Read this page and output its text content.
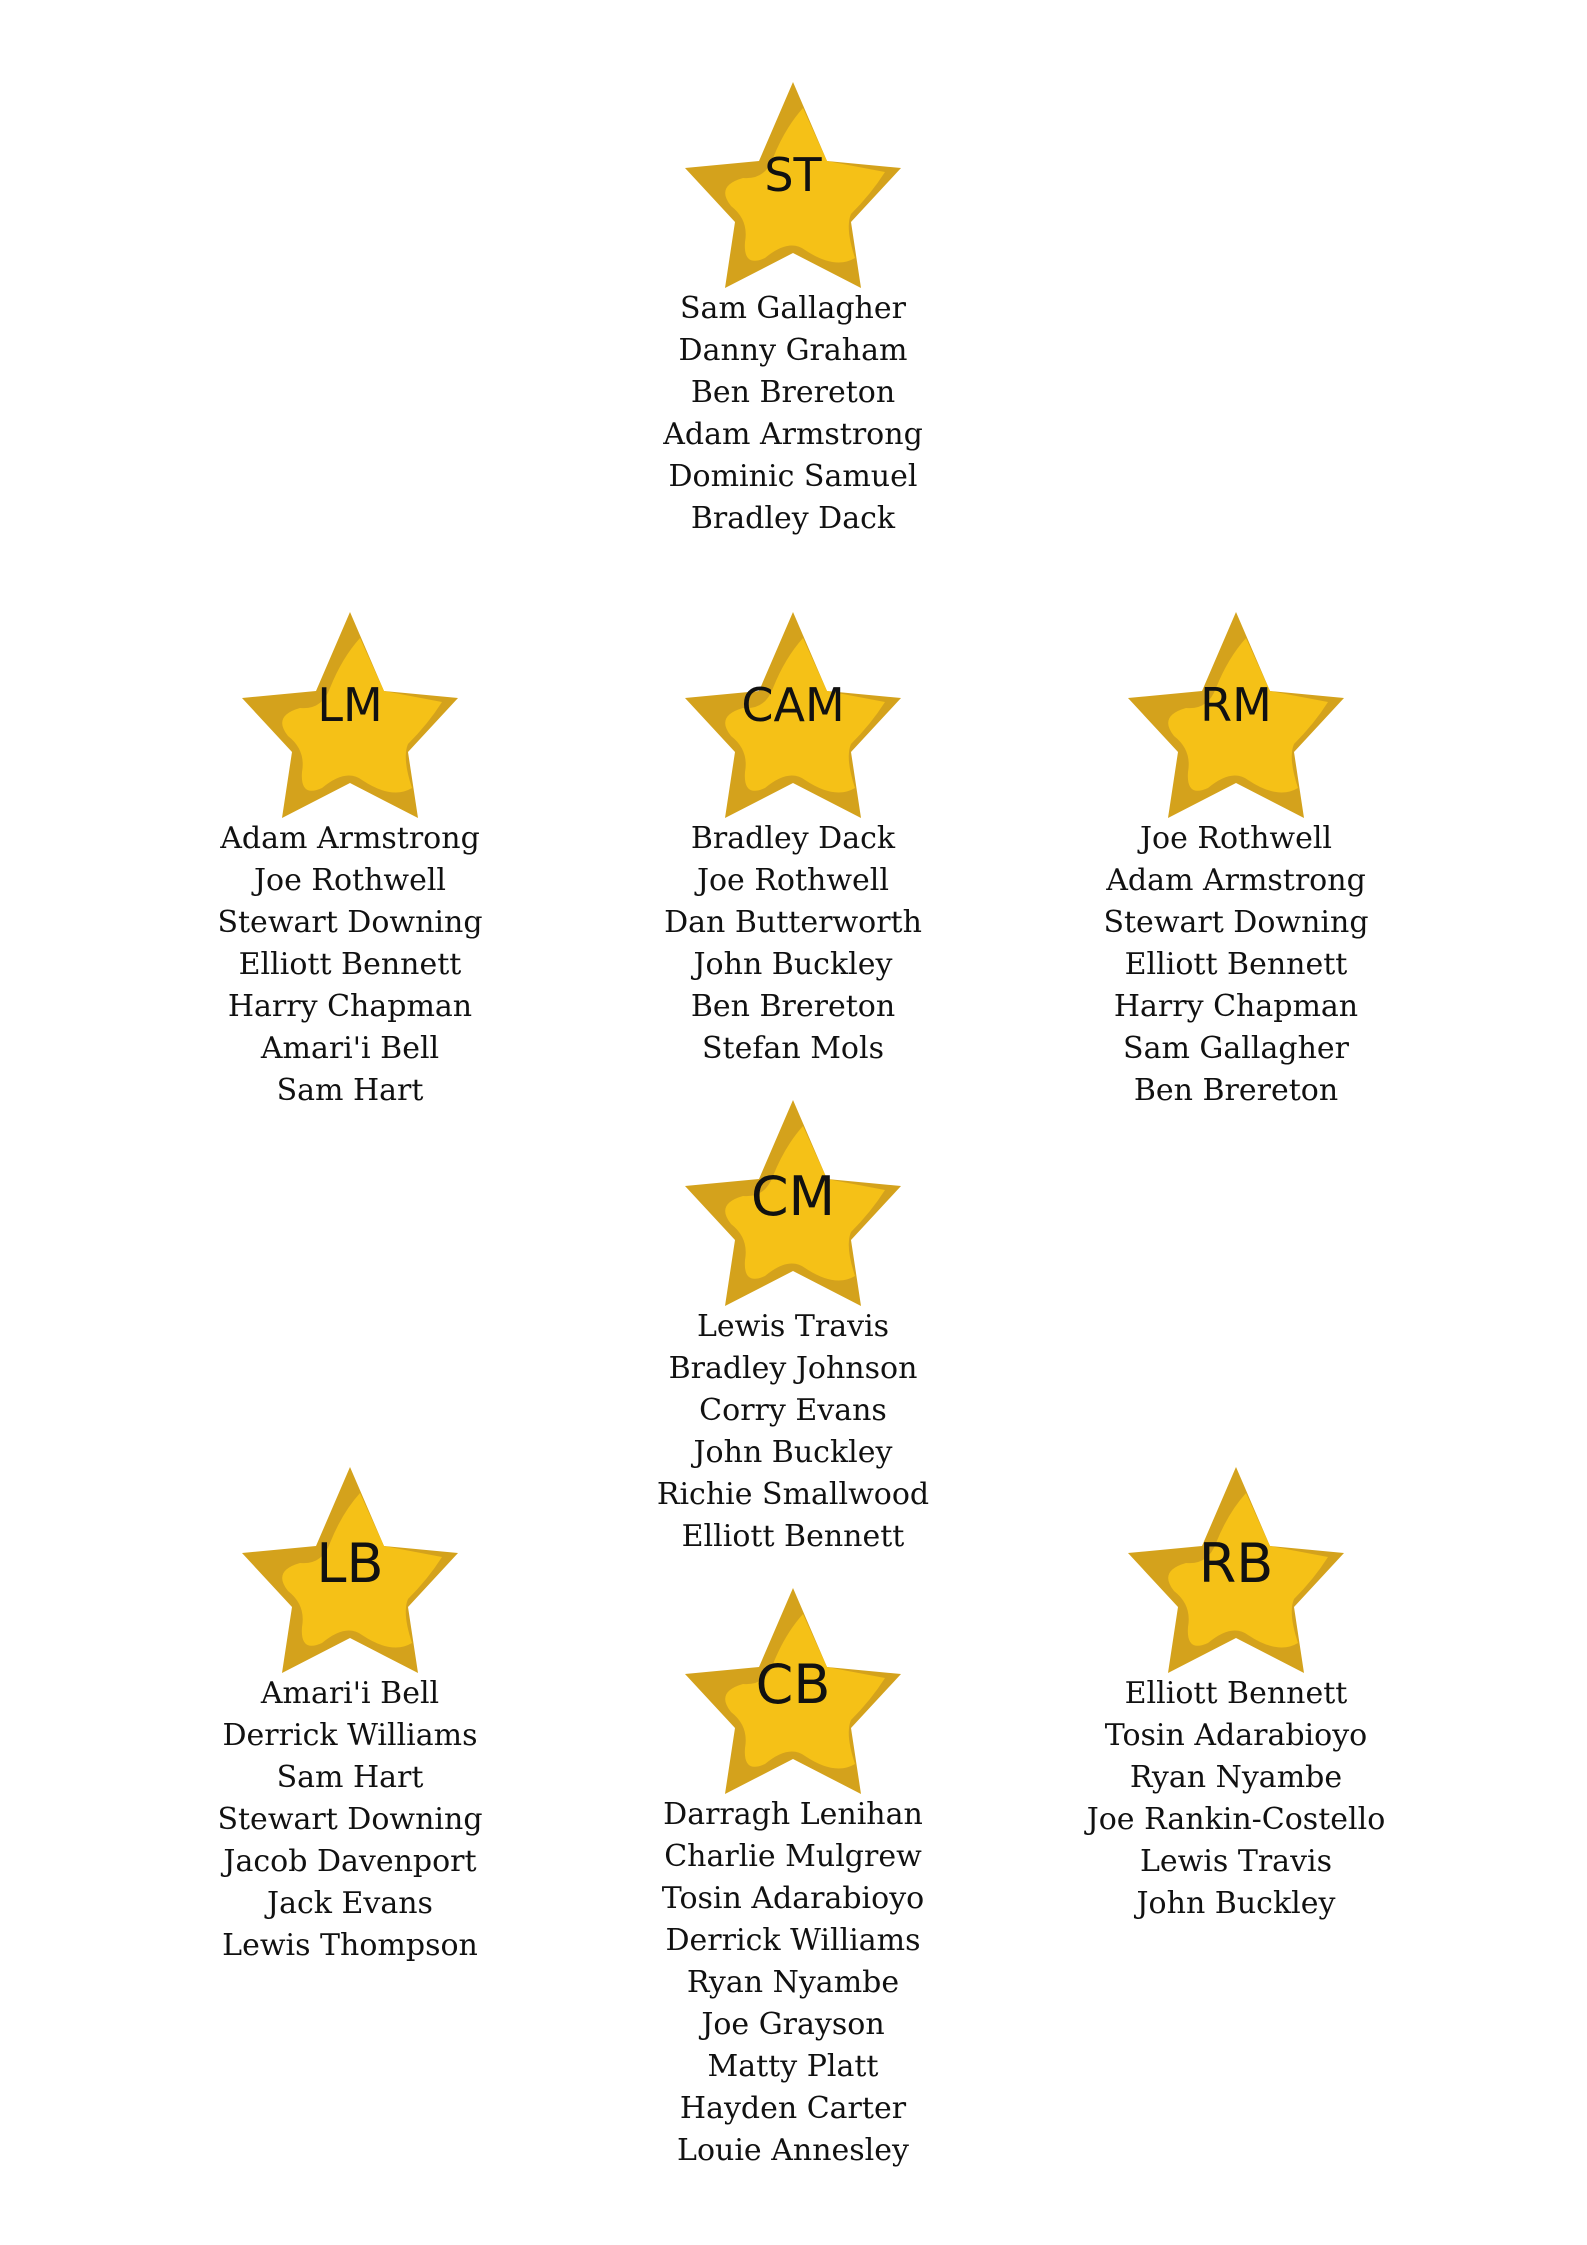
ST
Sam Gallagher
Danny Graham
Ben Brereton
Adam Armstrong
Dominic Samuel
Bradley Dack
LM
Adam Armstrong
Joe Rothwell
Stewart Downing
Elliott Bennett
Harry Chapman
Amari'i Bell
Sam Hart
CAM
Bradley Dack
Joe Rothwell
Dan Butterworth
John Buckley
Ben Brereton
Stefan Mols
RM
Joe Rothwell
Adam Armstrong
Stewart Downing
Elliott Bennett
Harry Chapman
Sam Gallagher
Ben Brereton
CM
Lewis Travis
Bradley Johnson
Corry Evans
John Buckley
Richie Smallwood
Elliott Bennett
LB
Amari'i Bell
Derrick Williams
Sam Hart
Stewart Downing
Jacob Davenport
Jack Evans
Lewis Thompson
CB
Darragh Lenihan
Charlie Mulgrew
Tosin Adarabioyo
Derrick Williams
Ryan Nyambe
Joe Grayson
Matty Platt
Hayden Carter
Louie Annesley
RB
Elliott Bennett
Tosin Adarabioyo
Ryan Nyambe
Joe Rankin-Costello
Lewis Travis
John Buckley
